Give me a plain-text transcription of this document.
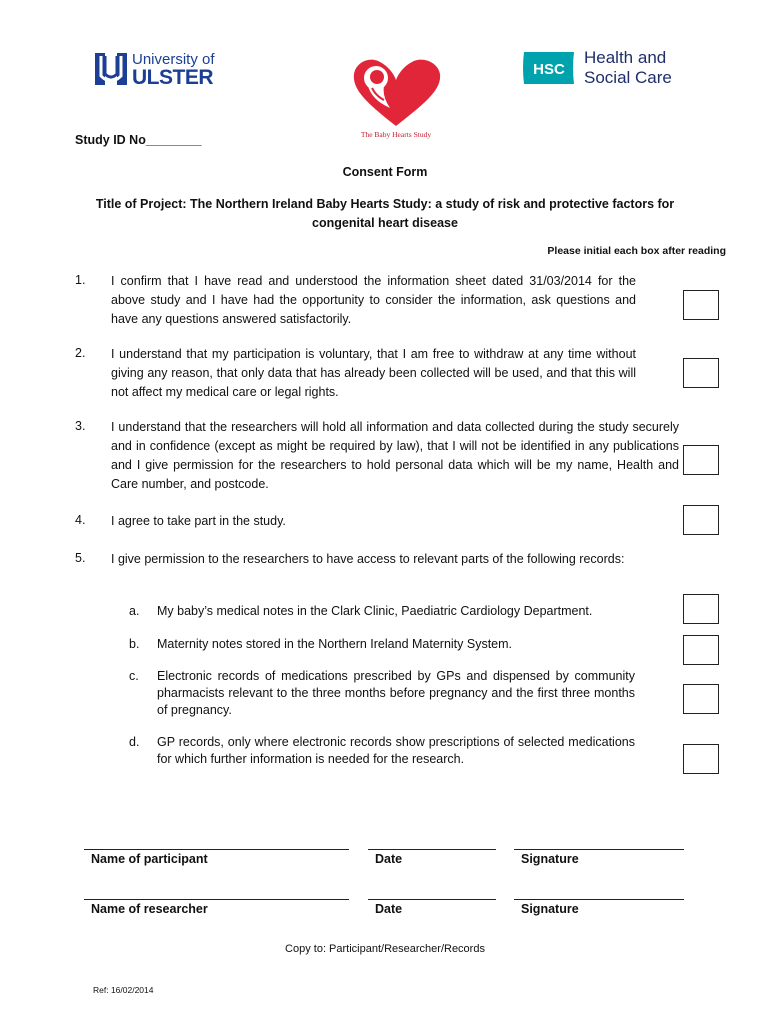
University of
ULSTER
The Baby Hearts Study
HSC
Health and
Social Care
Study ID No________
Consent Form
Title of Project: The Northern Ireland Baby Hearts Study: a study of risk and protective factors for congenital heart disease
Please initial each box after reading
1. I confirm that I have read and understood the information sheet dated 31/03/2014 for the above study and I have had the opportunity to consider the information, ask questions and have any questions answered satisfactorily.
2. I understand that my participation is voluntary, that I am free to withdraw at any time without giving any reason, that only data that has already been collected will be used, and that this will not affect my medical care or legal rights.
3. I understand that the researchers will hold all information and data collected during the study securely and in confidence (except as might be required by law), that I will not be identified in any publications and I give permission for the researchers to hold personal data which will be my name, Health and Care number, and postcode.
4. I agree to take part in the study.
5. I give permission to the researchers to have access to relevant parts of the following records:
a. My baby’s medical notes in the Clark Clinic, Paediatric Cardiology Department.
b. Maternity notes stored in the Northern Ireland Maternity System.
c. Electronic records of medications prescribed by GPs and dispensed by community pharmacists relevant to the three months before pregnancy and the first three months of pregnancy.
d. GP records, only where electronic records show prescriptions of selected medications for which further information is needed for the research.
Name of participant	Date	Signature
Name of researcher	Date	Signature
Copy to: Participant/Researcher/Records
Ref: 16/02/2014
